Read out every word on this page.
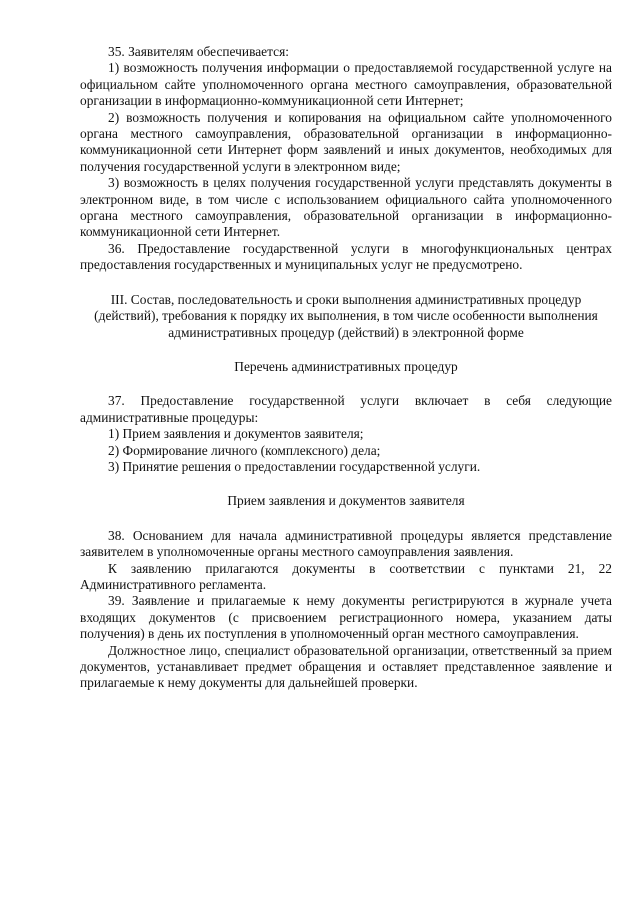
35. Заявителям обеспечивается:

1) возможность получения информации о предоставляемой государственной услуге на официальном сайте уполномоченного органа местного самоуправления, образовательной организации в информационно-коммуникационной сети Интернет;

2) возможность получения и копирования на официальном сайте уполномоченного органа местного самоуправления, образовательной организации в информационно-коммуникационной сети Интернет форм заявлений и иных документов, необходимых для получения государственной услуги в электронном виде;

3) возможность в целях получения государственной услуги представлять документы в электронном виде, в том числе с использованием официального сайта уполномоченного органа местного самоуправления, образовательной организации в информационно-коммуникационной сети Интернет.

36. Предоставление государственной услуги в многофункциональных центрах предоставления государственных и муниципальных услуг не предусмотрено.

III. Состав, последовательность и сроки выполнения административных процедур (действий), требования к порядку их выполнения, в том числе особенности выполнения административных процедур (действий) в электронной форме

Перечень административных процедур

37. Предоставление государственной услуги включает в себя следующие административные процедуры:

1) Прием заявления и документов заявителя;

2) Формирование личного (комплексного) дела;

3) Принятие решения о предоставлении государственной услуги.

Прием заявления и документов заявителя

38. Основанием для начала административной процедуры является представление заявителем в уполномоченные органы местного самоуправления заявления.

К заявлению прилагаются документы в соответствии с пунктами 21, 22 Административного регламента.

39. Заявление и прилагаемые к нему документы регистрируются в журнале учета входящих документов (с присвоением регистрационного номера, указанием даты получения) в день их поступления в уполномоченный орган местного самоуправления.

Должностное лицо, специалист образовательной организации, ответственный за прием документов, устанавливает предмет обращения и оставляет представленное заявление и прилагаемые к нему документы для дальнейшей проверки.
